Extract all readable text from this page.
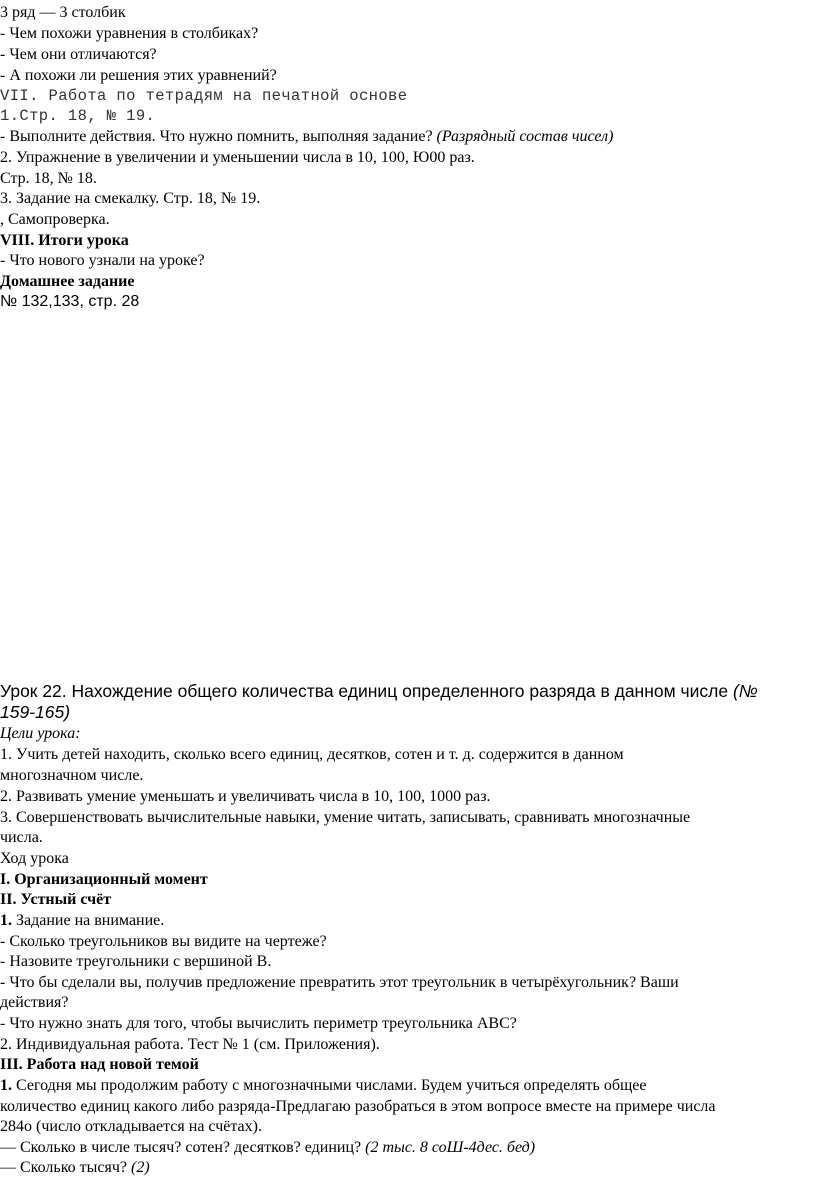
3 ряд — 3 столбик
- Чем похожи уравнения в столбиках?
- Чем они отличаются?
- А похожи ли решения этих уравнений?
VII. Работа по тетрадям на печатной основе
1.Стр. 18, № 19.
- Выполните действия. Что нужно помнить, выполняя задание? (Разрядный состав чисел)
2. Упражнение в увеличении и уменьшении числа в 10, 100, Ю00 раз.
Стр. 18, № 18.
3. Задание на смекалку. Стр. 18, № 19.
, Самопроверка.
VIII. Итоги урока
- Что нового узнали на уроке?
Домашнее задание
№ 132,133, стр. 28
Урок 22. Нахождение общего количества единиц определенного разряда в данном числе (№
159-165)
Цели урока:
1. Учить детей находить, сколько всего единиц, десятков, сотен и т. д. содержится в данном
многозначном числе.
2. Развивать умение уменьшать и увеличивать числа в 10, 100, 1000 раз.
3. Совершенствовать вычислительные навыки, умение читать, записывать, сравнивать многозначные
числа.
Ход урока
I. Организационный момент
II. Устный счёт
1. Задание на внимание.
- Сколько треугольников вы видите на чертеже?
- Назовите треугольники с вершиной В.
- Что бы сделали вы, получив предложение превратить этот треугольник в четырёхугольник? Ваши
действия?
- Что нужно знать для того, чтобы вычислить периметр треугольника ABC?
2. Индивидуальная работа. Тест № 1 (см. Приложения).
III. Работа над новой темой
1. Сегодня мы продолжим работу с многозначными числами. Будем учиться определять общее
количество единиц какого либо разряда-Предлагаю разобраться в этом вопросе вместе на примере числа
284о (число откладывается на счётах).
— Сколько в числе тысяч? сотен? десятков? единиц? (2 тыс. 8 соШ-4дес. бед)
— Сколько тысяч? (2)
